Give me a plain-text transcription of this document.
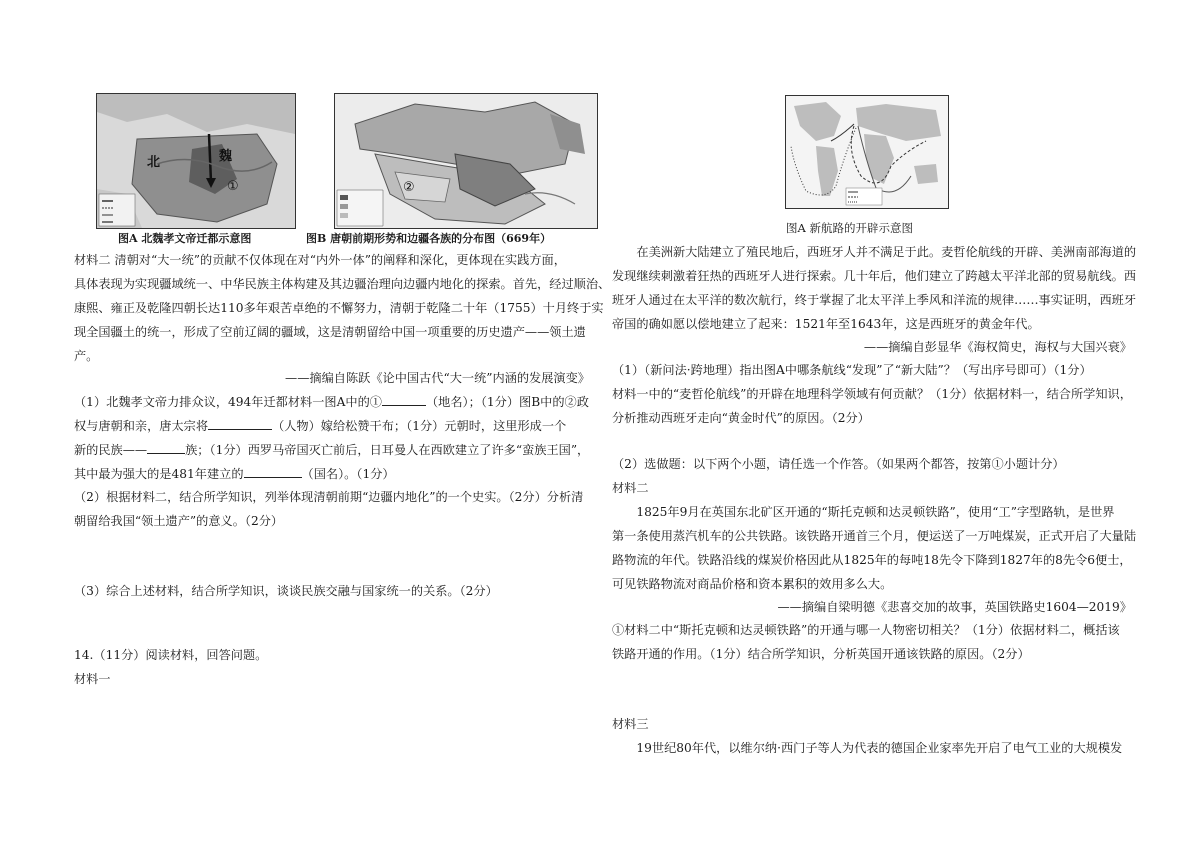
北	魏
①	②
图A 北魏孝文帝迁都示意图	图B 唐朝前期形势和边疆各族的分布图（669年）
材料二 清朝对“大一统”的贡献不仅体现在对“内外一体”的阐释和深化，更体现在实践方面，
具体表现为实现疆域统一、中华民族主体构建及其边疆治理向边疆内地化的探索。首先，经过顺治、
康熙、雍正及乾隆四朝长达110多年艰苦卓绝的不懈努力，清朝于乾隆二十年（1755）十月终于实
现全国疆土的统一，形成了空前辽阔的疆域，这是清朝留给中国一项重要的历史遗产——领土遗
产。
——摘编自陈跃《论中国古代“大一统”内涵的发展演变》
（1）北魏孝文帝力排众议，494年迁都材料一图A中的①	（地名）；（1分）图B中的②政
权与唐朝和亲，唐太宗将	（人物）嫁给松赞干布；（1分）元朝时，这里形成一个
新的民族——	族；（1分）西罗马帝国灭亡前后，日耳曼人在西欧建立了许多“蛮族王国”，
其中最为强大的是481年建立的	（国名）。（1分）
（2）根据材料二，结合所学知识，列举体现清朝前期“边疆内地化”的一个史实。（2分）分析清
朝留给我国“领土遗产”的意义。（2分）
（3）综合上述材料，结合所学知识，谈谈民族交融与国家统一的关系。（2分）
14.（11分）阅读材料，回答问题。
材料一
图A 新航路的开辟示意图
在美洲新大陆建立了殖民地后，西班牙人并不满足于此。麦哲伦航线的开辟、美洲南部海道的
发现继续刺激着狂热的西班牙人进行探索。几十年后，他们建立了跨越太平洋北部的贸易航线。西
班牙人通过在太平洋的数次航行，终于掌握了北太平洋上季风和洋流的规律……事实证明，西班牙
帝国的确如愿以偿地建立了起来：1521年至1643年，这是西班牙的黄金年代。
——摘编自彭显华《海权简史，海权与大国兴衰》
（1）（新问法·跨地理）指出图A中哪条航线“发现”了“新大陆”？（写出序号即可）（1分）
材料一中的“麦哲伦航线”的开辟在地理科学领域有何贡献？（1分）依据材料一，结合所学知识，
分析推动西班牙走向“黄金时代”的原因。（2分）
（2）选做题：以下两个小题，请任选一个作答。（如果两个都答，按第①小题计分）
材料二
1825年9月在英国东北矿区开通的“斯托克顿和达灵顿铁路”，使用“工”字型路轨，是世界
第一条使用蒸汽机车的公共铁路。该铁路开通首三个月，便运送了一万吨煤炭，正式开启了大量陆
路物流的年代。铁路沿线的煤炭价格因此从1825年的每吨18先令下降到1827年的8先令6便士，
可见铁路物流对商品价格和资本累积的效用多么大。
——摘编自梁明德《悲喜交加的故事，英国铁路史1604—2019》
①材料二中“斯托克顿和达灵顿铁路”的开通与哪一人物密切相关？（1分）依据材料二，概括该
铁路开通的作用。（1分）结合所学知识，分析英国开通该铁路的原因。（2分）
材料三
19世纪80年代，以维尔纳·西门子等人为代表的德国企业家率先开启了电气工业的大规模发
